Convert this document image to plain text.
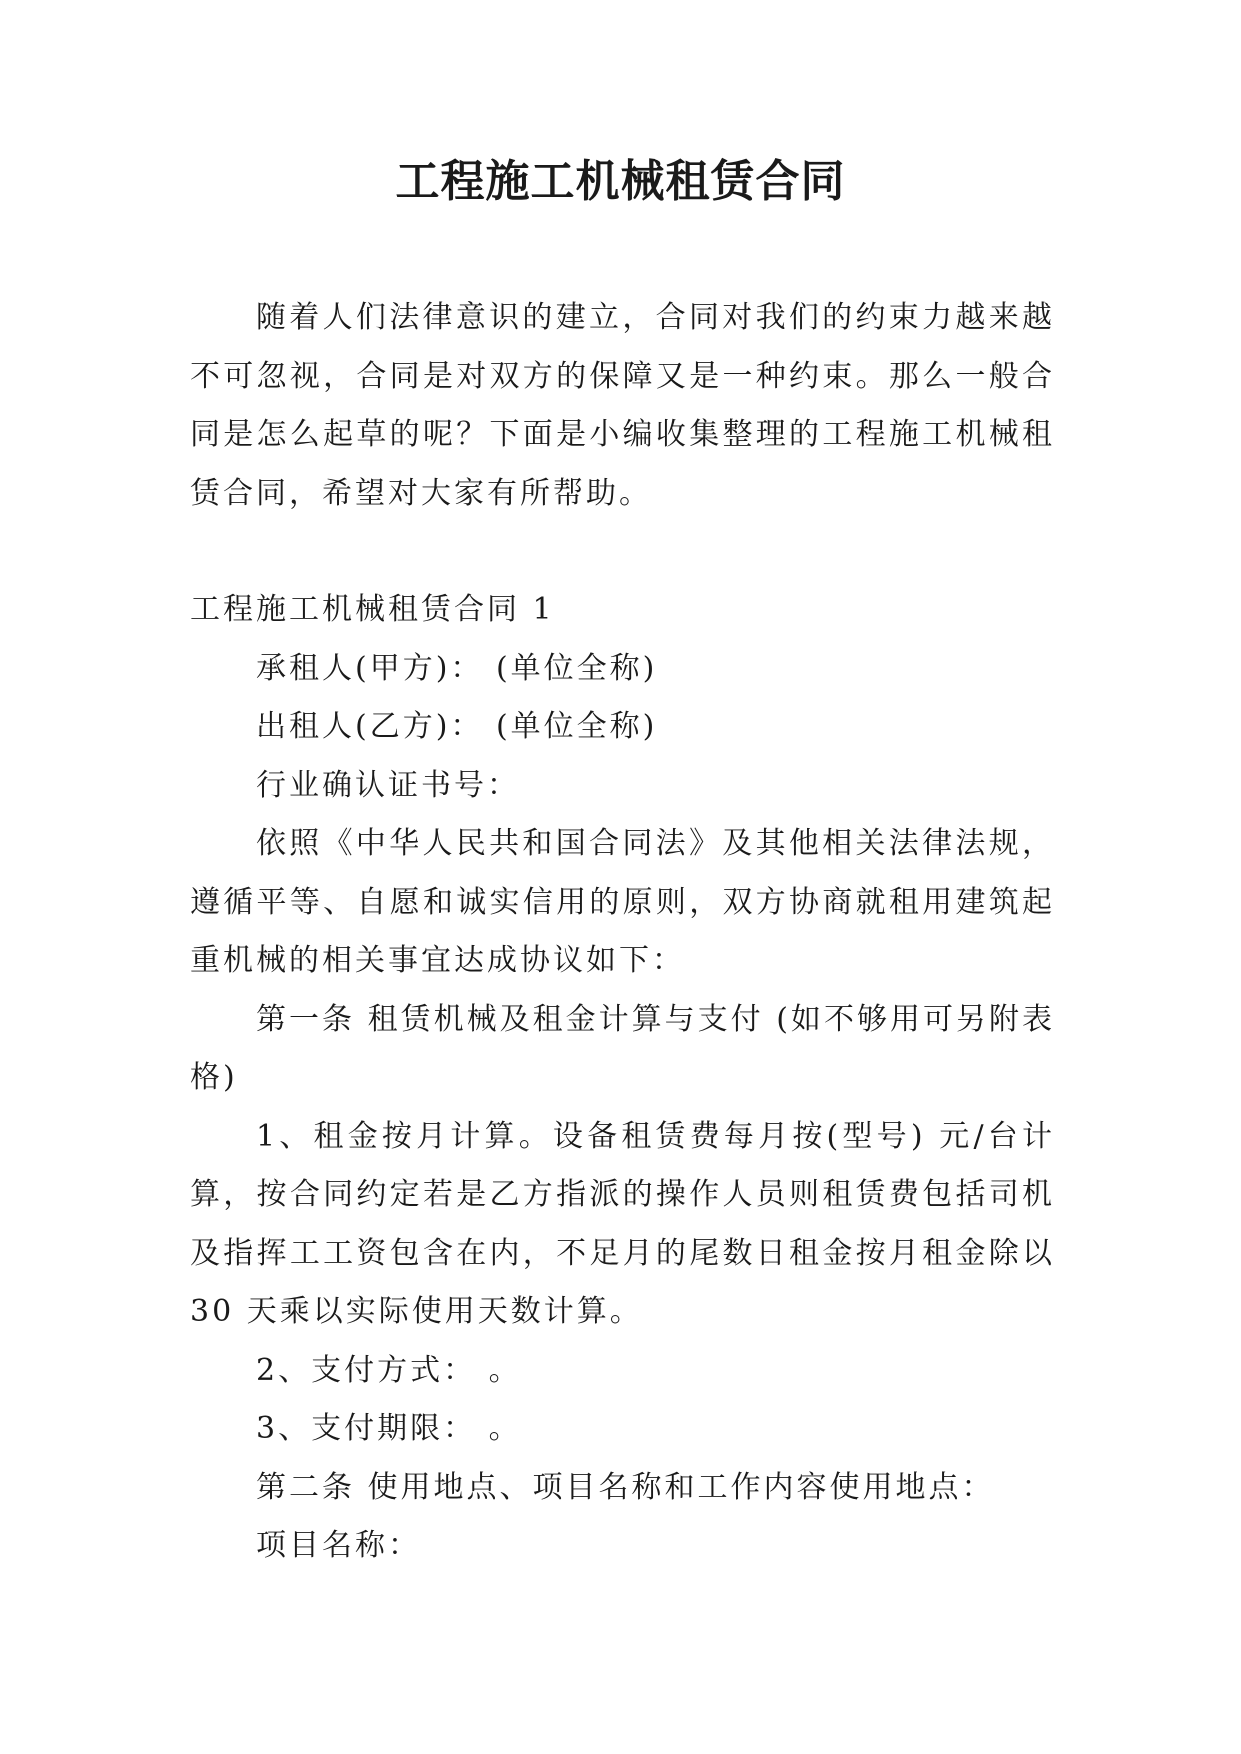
工程施工机械租赁合同

随着人们法律意识的建立，合同对我们的约束力越来越不可忽视，合同是对双方的保障又是一种约束。那么一般合同是怎么起草的呢？下面是小编收集整理的工程施工机械租赁合同，希望对大家有所帮助。

工程施工机械租赁合同 1

承租人(甲方)： (单位全称)

出租人(乙方)： (单位全称)

行业确认证书号：

依照《中华人民共和国合同法》及其他相关法律法规，遵循平等、自愿和诚实信用的原则，双方协商就租用建筑起重机械的相关事宜达成协议如下：

第一条 租赁机械及租金计算与支付 (如不够用可另附表格)

1、租金按月计算。设备租赁费每月按(型号) 元/台计算，按合同约定若是乙方指派的操作人员则租赁费包括司机及指挥工工资包含在内，不足月的尾数日租金按月租金除以 30 天乘以实际使用天数计算。

2、支付方式： 。

3、支付期限： 。

第二条 使用地点、项目名称和工作内容使用地点：

项目名称：
